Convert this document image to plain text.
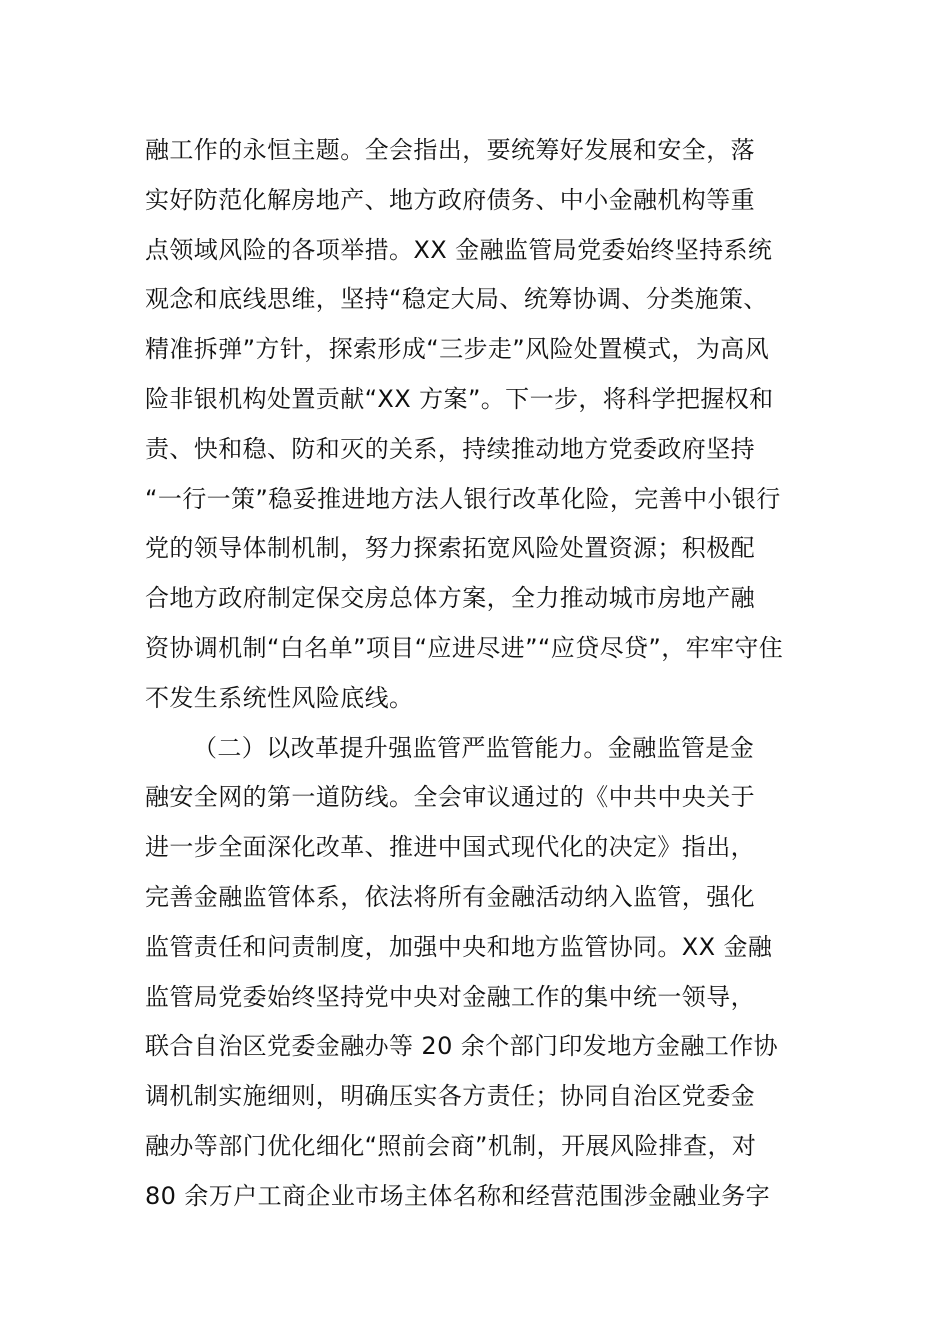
融工作的永恒主题。全会指出，要统筹好发展和安全，落
实好防范化解房地产、地方政府债务、中小金融机构等重
点领域风险的各项举措。XX 金融监管局党委始终坚持系统
观念和底线思维，坚持“稳定大局、统筹协调、分类施策、
精准拆弹”方针，探索形成“三步走”风险处置模式，为高风
险非银机构处置贡献“XX 方案”。下一步，将科学把握权和
责、快和稳、防和灭的关系，持续推动地方党委政府坚持
“一行一策”稳妥推进地方法人银行改革化险，完善中小银行
党的领导体制机制，努力探索拓宽风险处置资源；积极配
合地方政府制定保交房总体方案，全力推动城市房地产融
资协调机制“白名单”项目“应进尽进”“应贷尽贷”，牢牢守住
不发生系统性风险底线。
（二）以改革提升强监管严监管能力。金融监管是金
融安全网的第一道防线。全会审议通过的《中共中央关于
进一步全面深化改革、推进中国式现代化的决定》指出，
完善金融监管体系，依法将所有金融活动纳入监管，强化
监管责任和问责制度，加强中央和地方监管协同。XX 金融
监管局党委始终坚持党中央对金融工作的集中统一领导，
联合自治区党委金融办等 20 余个部门印发地方金融工作协
调机制实施细则，明确压实各方责任；协同自治区党委金
融办等部门优化细化“照前会商”机制，开展风险排查，对
80 余万户工商企业市场主体名称和经营范围涉金融业务字
